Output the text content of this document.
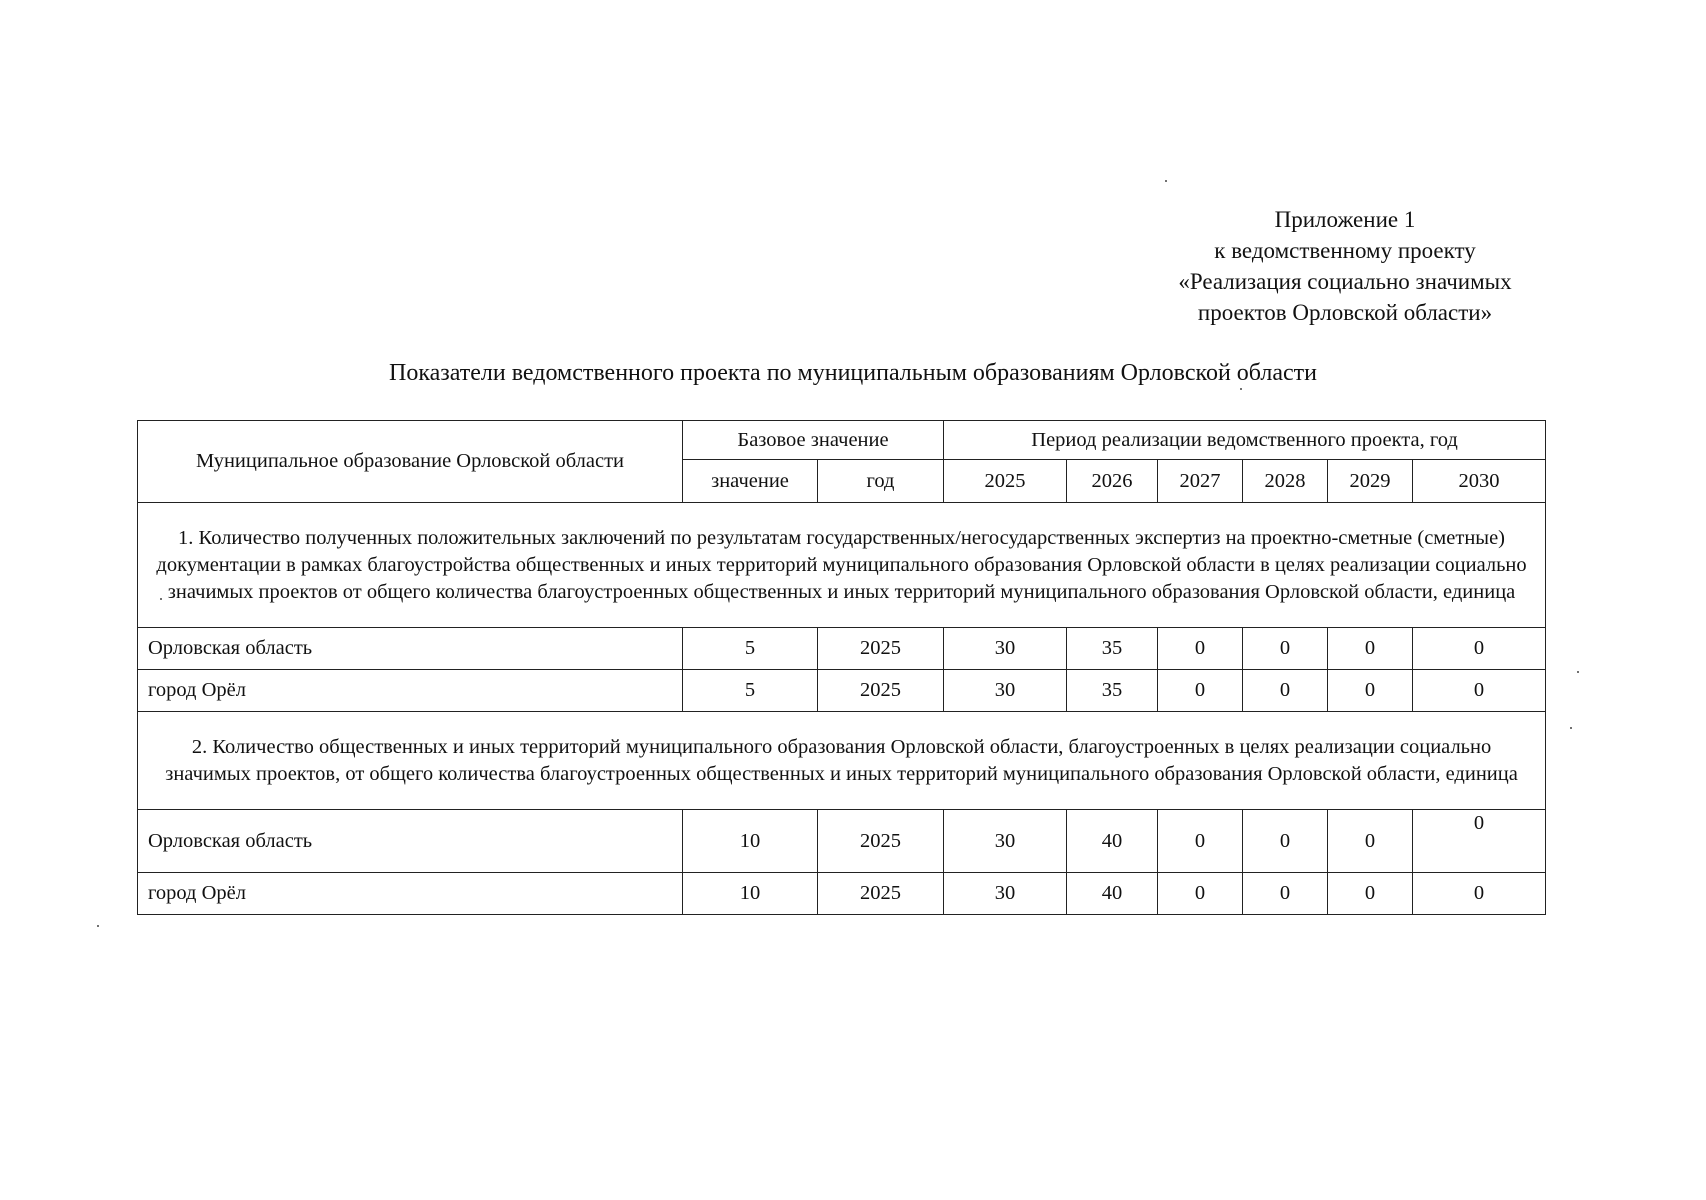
Приложение 1
к ведомственному проекту
«Реализация социально значимых
проектов Орловской области»
Показатели ведомственного проекта по муниципальным образованиям Орловской области
Муниципальное образование Орловской области	Базовое значение		Период реализации ведомственного проекта, год					
	значение	год	2025	2026	2027	2028	2029	2030
1. Количество полученных положительных заключений по результатам государственных/негосударственных экспертиз на проектно-сметные (сметные) документации в рамках благоустройства общественных и иных территорий муниципального образования Орловской области в целях реализации социально значимых проектов от общего количества благоустроенных общественных и иных территорий муниципального образования Орловской области, единица								
Орловская область	5	2025	30	35	0	0	0	0
город Орёл	5	2025	30	35	0	0	0	0
2. Количество общественных и иных территорий муниципального образования Орловской области, благоустроенных в целях реализации социально значимых проектов, от общего количества благоустроенных общественных и иных территорий муниципального образования Орловской области, единица								
Орловская область	10	2025	30	40	0	0	0	0
город Орёл	10	2025	30	40	0	0	0	0
